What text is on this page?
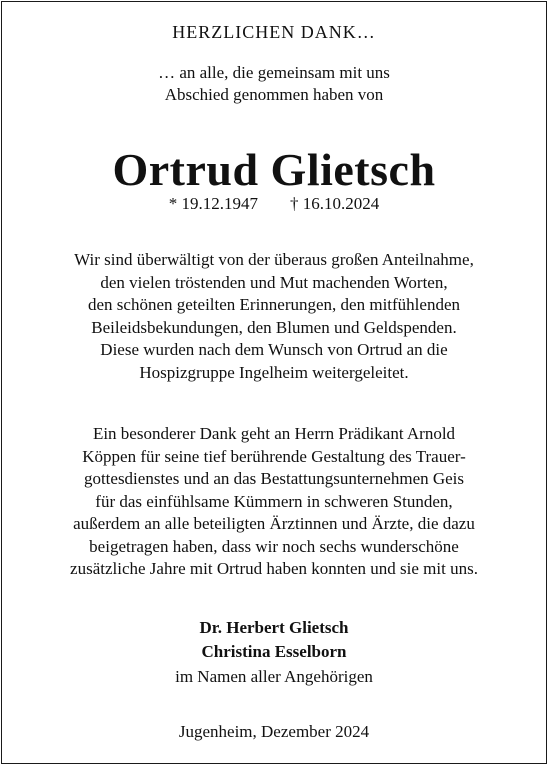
HERZLICHEN DANK…

… an alle, die gemeinsam mit uns
Abschied genommen haben von

Ortrud Glietsch

* 19.12.1947 † 16.10.2024

Wir sind überwältigt von der überaus großen Anteilnahme,
den vielen tröstenden und Mut machenden Worten,
den schönen geteilten Erinnerungen, den mitfühlenden
Beileidsbekundungen, den Blumen und Geldspenden.
Diese wurden nach dem Wunsch von Ortrud an die
Hospizgruppe Ingelheim weitergeleitet.
Ein besonderer Dank geht an Herrn Prädikant Arnold
Köppen für seine tief berührende Gestaltung des Trauer-
gottesdienstes und an das Bestattungsunternehmen Geis
für das einfühlsame Kümmern in schweren Stunden,
außerdem an alle beteiligten Ärztinnen und Ärzte, die dazu
beigetragen haben, dass wir noch sechs wunderschöne
zusätzliche Jahre mit Ortrud haben konnten und sie mit uns.

Dr. Herbert Glietsch

Christina Esselborn

im Namen aller Angehörigen

Jugenheim, Dezember 2024
